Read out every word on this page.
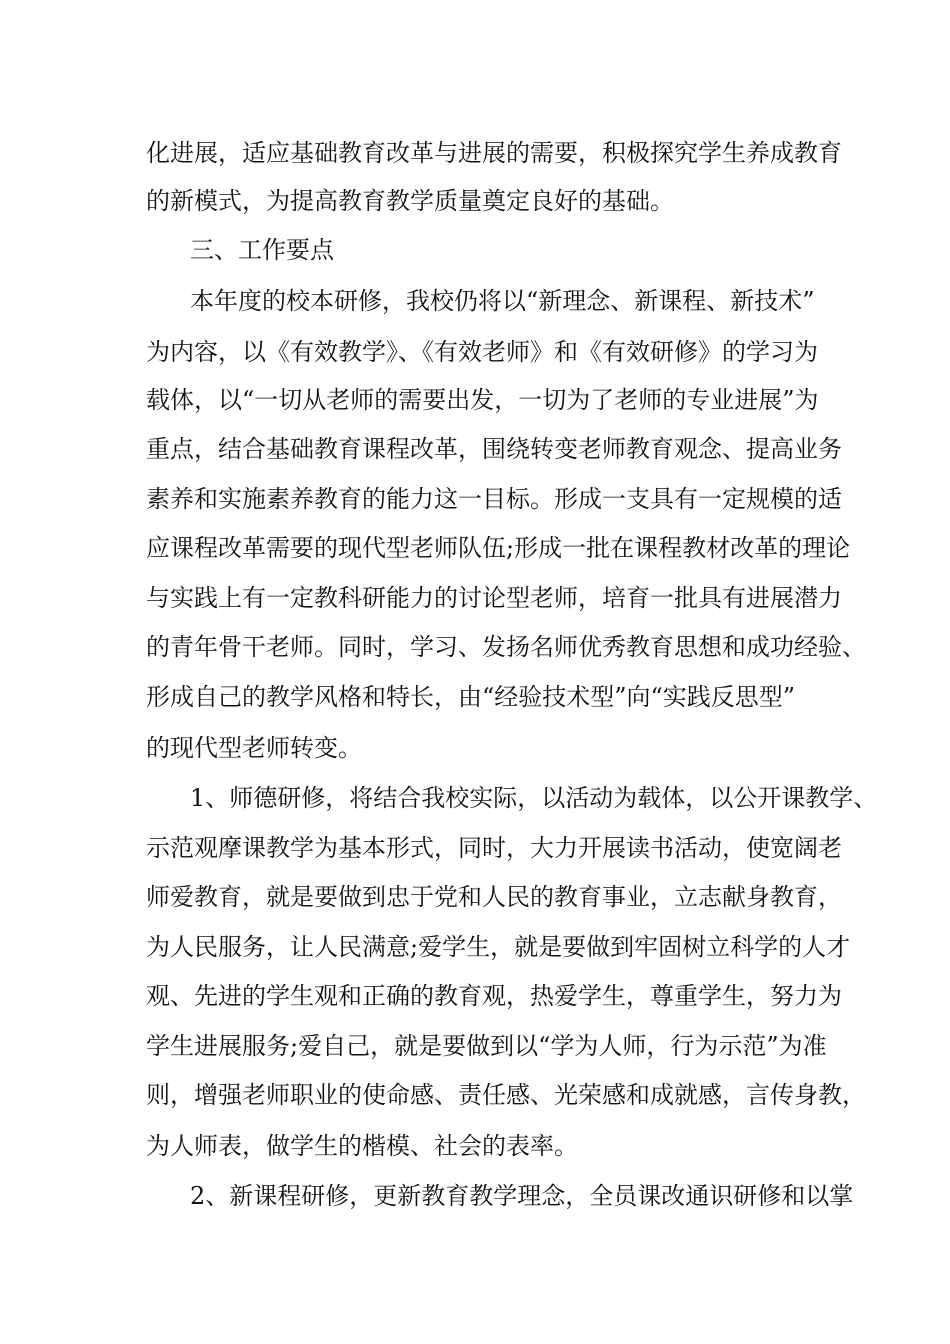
化进展，适应基础教育改革与进展的需要，积极探究学生养成教育
的新模式，为提高教育教学质量奠定良好的基础。
三、工作要点
本年度的校本研修，我校仍将以“新理念、新课程、新技术”
为内容，以《有效教学》、《有效老师》和《有效研修》的学习为
载体，以“一切从老师的需要出发，一切为了老师的专业进展”为
重点，结合基础教育课程改革，围绕转变老师教育观念、提高业务
素养和实施素养教育的能力这一目标。形成一支具有一定规模的适
应课程改革需要的现代型老师队伍;形成一批在课程教材改革的理论
与实践上有一定教科研能力的讨论型老师，培育一批具有进展潜力
的青年骨干老师。同时，学习、发扬名师优秀教育思想和成功经验、
形成自己的教学风格和特长，由“经验技术型”向“实践反思型”
的现代型老师转变。
1、师德研修，将结合我校实际，以活动为载体，以公开课教学、
示范观摩课教学为基本形式，同时，大力开展读书活动，使宽阔老
师爱教育，就是要做到忠于党和人民的教育事业，立志献身教育，
为人民服务，让人民满意;爱学生，就是要做到牢固树立科学的人才
观、先进的学生观和正确的教育观，热爱学生，尊重学生，努力为
学生进展服务;爱自己，就是要做到以“学为人师，行为示范”为准
则，增强老师职业的使命感、责任感、光荣感和成就感，言传身教，
为人师表，做学生的楷模、社会的表率。
2、新课程研修，更新教育教学理念，全员课改通识研修和以掌
